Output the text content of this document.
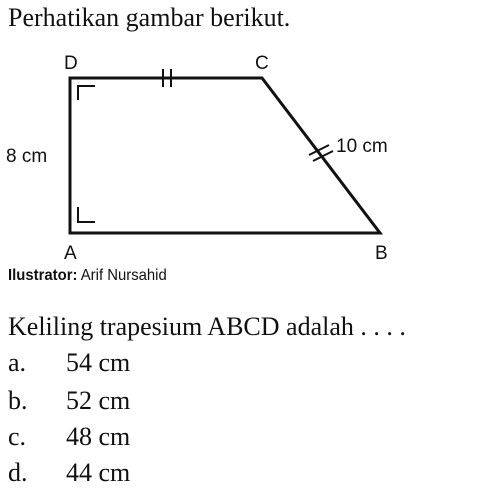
Perhatikan gambar berikut.
D	C
A	B
8 cm	10 cm
Ilustrator: Arif Nursahid
Keliling trapesium ABCD adalah . . . .
a. 54 cm
b. 52 cm
c. 48 cm
d. 44 cm
